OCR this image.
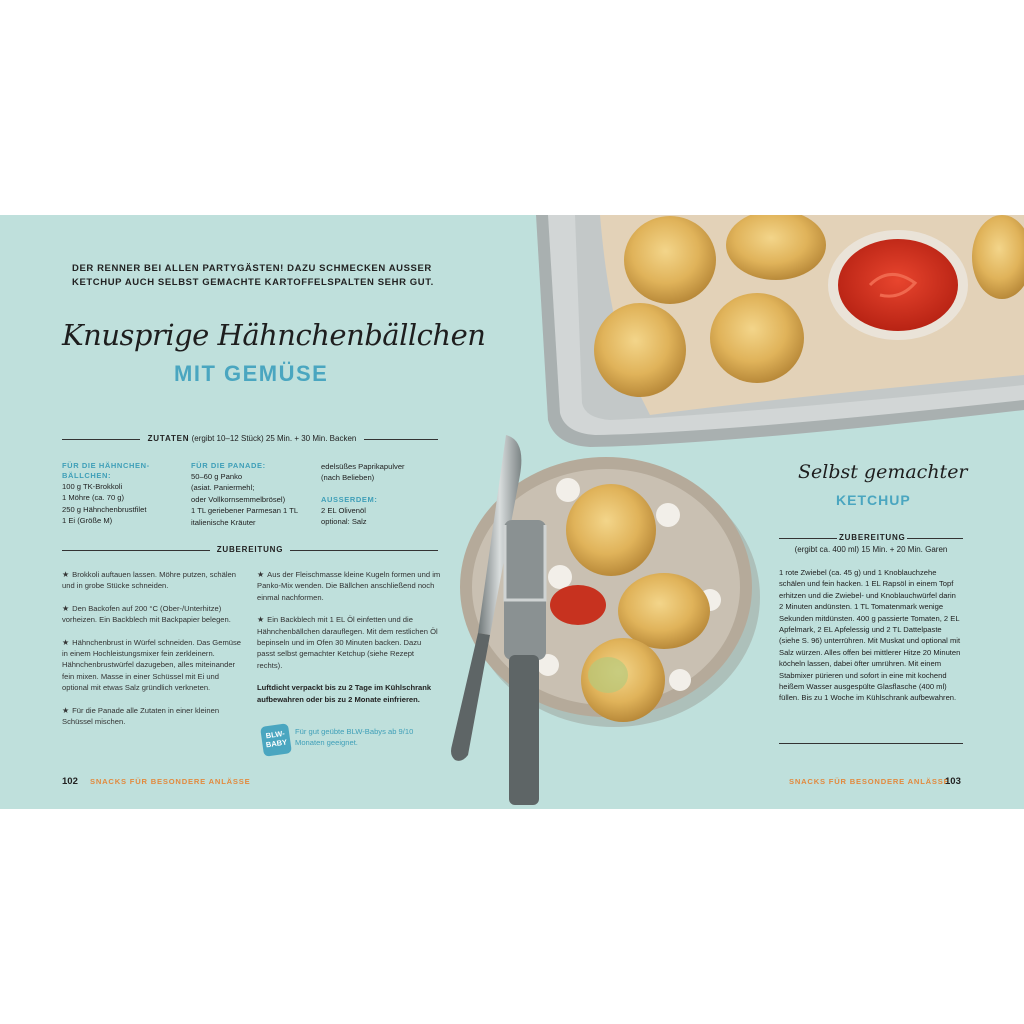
DER RENNER BEI ALLEN PARTYGÄSTEN! DAZU SCHMECKEN AUSSER KETCHUP AUCH SELBST GEMACHTE KARTOFFELSPALTEN SEHR GUT.
Knusprige Hähnchenbällchen
MIT GEMÜSE
ZUTATEN (ergibt 10–12 Stück) 25 Min. + 30 Min. Backen
FÜR DIE HÄHNCHEN-
BÄLLCHEN:
100 g TK-Brokkoli
1 Möhre (ca. 70 g)
250 g Hähnchenbrustfilet
1 Ei (Größe M)
FÜR DIE PANADE:
50–60 g Panko
(asiat. Paniermehl;
oder Vollkornsemmelbrösel)
1 TL geriebener Parmesan 1 TL
italienische Kräuter
edelsüßes Paprikapulver
(nach Belieben)
AUSSERDEM:
2 EL Olivenöl
optional: Salz
ZUBEREITUNG

★ Brokkoli auftauen lassen. Möhre putzen, schälen und in grobe Stücke schneiden.

★ Den Backofen auf 200 °C (Ober-/Unterhitze) vorheizen. Ein Backblech mit Backpapier belegen.

★ Hähnchenbrust in Würfel schneiden. Das Gemüse in einem Hochleistungsmixer fein zerkleinern. Hähnchenbrustwürfel dazugeben, alles miteinander fein mixen. Masse in einer Schüssel mit Ei und optional mit etwas Salz gründlich verkneten.

★ Für die Panade alle Zutaten in einer kleinen Schüssel mischen.

★ Aus der Fleischmasse kleine Kugeln formen und im Panko-Mix wenden. Die Bällchen anschließend noch einmal nachformen.

★ Ein Backblech mit 1 EL Öl einfetten und die Hähnchenbällchen darauflegen. Mit dem restlichen Öl bepinseln und im Ofen 30 Minuten backen. Dazu passt selbst gemachter Ketchup (siehe Rezept rechts).

Luftdicht verpackt bis zu 2 Tage im Kühlschrank aufbewahren oder bis zu 2 Monate einfrieren.

BLW-BABY
Für gut geübte BLW-Babys ab 9/10 Monaten geeignet.
102 SNACKS FÜR BESONDERE ANLÄSSE
Selbst gemachter
KETCHUP
ZUBEREITUNG
(ergibt ca. 400 ml) 15 Min. + 20 Min. Garen
1 rote Zwiebel (ca. 45 g) und 1 Knoblauchzehe schälen und fein hacken. 1 EL Rapsöl in einem Topf erhitzen und die Zwiebel- und Knoblauchwürfel darin 2 Minuten andünsten. 1 TL Tomatenmark wenige Sekunden mitdünsten. 400 g passierte Tomaten, 2 EL Apfelmark, 2 EL Apfelessig und 2 TL Dattelpaste (siehe S. 96) unterrühren. Mit Muskat und optional mit Salz würzen. Alles offen bei mittlerer Hitze 20 Minuten köcheln lassen, dabei öfter umrühren. Mit einem Stabmixer pürieren und sofort in eine mit kochend heißem Wasser ausgespülte Glasflasche (400 ml) füllen. Bis zu 1 Woche im Kühlschrank aufbewahren.
SNACKS FÜR BESONDERE ANLÄSSE
103
